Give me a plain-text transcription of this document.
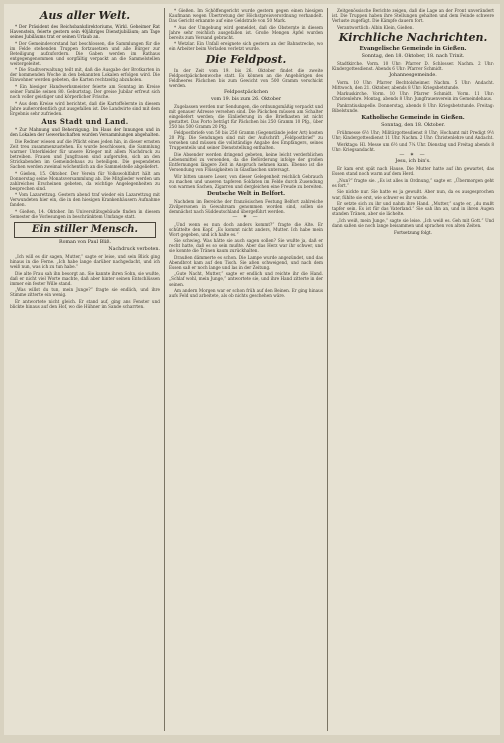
Aus aller Welt.

* Der Präsident des Reichsbankdirektoriums, Wirkl. Geheimer Rat Havenstein, feierte gestern sein 40jähriges Dienstjubiläum; am Tage seines Jubiläums trat er seinen Urlaub an.

* Der Gemeindevorstand hat beschlossen, die Sammlungen für die im Felde stehenden Truppen fortzusetzen und alle Bürger zur Beteiligung aufzufordern. Die Gaben werden im Rathaus entgegengenommen und sorgfältig verpackt an die Sammelstellen weitergeleitet.

* Die Stadtverwaltung teilt mit, daß die Ausgabe der Brotkarten in der kommenden Woche in den bekannten Lokalen erfolgen wird. Die Einwohner werden gebeten, die Karten rechtzeitig abzuholen.

* Ein hiesiger Handwerksmeister feierte am Sonntag im Kreise seiner Familie seinen 80. Geburtstag. Der greise Jubilar erfreut sich noch voller geistiger und körperlicher Frische.

* Aus dem Kreise wird berichtet, daß die Kartoffelernte in diesem Jahre außerordentlich gut ausgefallen ist. Die Landwirte sind mit dem Ergebnis sehr zufrieden.

Aus Stadt und Land.

* Zur Mahnung und Beherzigung. Im Haus der Innungen und in den Lokalen der Gewerkschaften wurden Versammlungen abgehalten.

Die Redner wiesen auf die Pflicht eines jeden hin, in dieser ernsten Zeit treu zusammenzustehen. Es wurde beschlossen, die Sammlung warmer Unterkleider für unsere Krieger mit allem Nachdruck zu betreiben. Frauen und Jungfrauen sind aufgerufen, sich an den Strickabenden im Gemeindehaus zu beteiligen. Die gespendeten Sachen werden zweimal wöchentlich an die Sammelstelle abgeliefert.

* Gießen, 15. Oktober. Der Verein für Volkswohlfahrt hält am Donnerstag seine Monatsversammlung ab. Die Mitglieder werden um zahlreiches Erscheinen gebeten, da wichtige Angelegenheiten zu besprechen sind.

* Vom Lazarettzug. Gestern abend traf wieder ein Lazarettzug mit Verwundeten hier ein, die in den hiesigen Krankenhäusern Aufnahme fanden.

* Gießen, 14. Oktober. Im Universitätsgebäude finden in diesem Semester die Vorlesungen in beschränktem Umfange statt.

Ein stiller Mensch.
Roman von Paul Bliß.
Nachdruck verboten.

„Ich will es dir sagen, Mutter,“ sagte er leise, und sein Blick ging hinaus in die Ferne. „Ich habe lange darüber nachgedacht, und ich weiß nun, was ich zu tun habe.“

Die alte Frau sah ihn besorgt an. Sie kannte ihren Sohn, sie wußte, daß er nicht viel Worte machte, daß aber hinter seinen Entschlüssen immer ein fester Wille stand.

„Was willst du tun, mein Junge?“ fragte sie endlich, und ihre Stimme zitterte ein wenig.

Er antwortete nicht gleich. Er stand auf, ging ans Fenster und blickte hinaus auf den Hof, wo die Hühner im Sande scharrten.

* Gießen. Im Schöffengericht wurde gestern gegen einen hiesigen Kaufmann wegen Übertretung der Höchstpreisverordnung verhandelt. Das Gericht erkannte auf eine Geldstrafe von 50 Mark.

* Aus der Umgebung wird gemeldet, daß die Obsternte in diesem Jahre sehr reichlich ausgefallen ist. Große Mengen Äpfel wurden bereits zum Versand gebracht.

* Wetzlar. Ein Unfall ereignete sich gestern an der Bahnstrecke, wo ein Arbeiter beim Verladen verletzt wurde.

Die Feldpost.

In der Zeit vom 19. bis 26. Oktober findet die zweite Feldpostpäckchenwoche statt. Es können an die Angehörigen des Feldheeres Päckchen bis zum Gewicht von 500 Gramm verschickt werden.

Feldpostpäckchen
vom 19. bis zum 26. Oktober

Zugelassen werden nur Sendungen, die ordnungsmäßig verpackt und mit genauer Adresse versehen sind. Die Päckchen müssen am Schalter eingeliefert werden; die Einlieferung in die Briefkasten ist nicht gestattet. Das Porto beträgt für Päckchen bis 250 Gramm 10 Pfg., über 250 bis 500 Gramm 20 Pfg.

Feldpostbriefe von 50 bis 250 Gramm (Gegenstände jeder Art) kosten 20 Pfg. Die Sendungen sind mit der Aufschrift „Feldpostbrief“ zu versehen und müssen die vollständige Angabe des Empfängers, seines Truppenteils und seiner Dienststellung enthalten.

Die Absender werden dringend gebeten, keine leicht verderblichen Lebensmittel zu versenden, da die Beförderung infolge der großen Entfernungen längere Zeit in Anspruch nehmen kann. Ebenso ist die Versendung von Flüssigkeiten in Glasflaschen untersagt.

Wir bitten unsere Leser, von dieser Gelegenheit reichlich Gebrauch zu machen und unseren tapferen Soldaten im Felde durch Zusendung von warmen Sachen, Zigarren und dergleichen eine Freude zu bereiten.

Deutsche Welt in Belfort.

Nachdem im Bereiche der französischen Festung Belfort zahlreiche Zivilpersonen in Gewahrsam genommen worden sind, sollen sie demnächst nach Süddeutschland übergeführt werden.

— ✶ —

„Und wenn es nun doch anders kommt?“ fragte die Alte. Er schüttelte den Kopf. „Es kommt nicht anders, Mutter. Ich habe mein Wort gegeben, und ich halte es.“

Sie schwieg. Was hätte sie auch sagen sollen? Sie wußte ja, daß er recht hatte, daß es so sein mußte. Aber das Herz war ihr schwer, und sie konnte die Tränen kaum zurückhalten.

Draußen dämmerte es schon. Die Lampe wurde angezündet, und das Abendbrot kam auf den Tisch. Sie aßen schweigend, und nach dem Essen saß er noch lange und las in der Zeitung.

„Gute Nacht, Mutter,“ sagte er endlich und reichte ihr die Hand. „Schlaf wohl, mein Junge,“ antwortete sie, und ihre Hand zitterte in der seinen.

Am andern Morgen war er schon früh auf den Beinen. Er ging hinaus aufs Feld und arbeitete, als ob nichts geschehen wäre.

Zeitgenössische Berichte zeigen, daß die Lage an der Front unverändert ist. Die Truppen haben ihre Stellungen gehalten und dem Feinde schwere Verluste zugefügt. Die Kämpfe dauern fort.

Verantwortlich: Albin Klein, Gießen.

Kirchliche Nachrichten.
Evangelische Gemeinde in Gießen.
Sonntag, den 18. Oktober, 18. nach Trinit.

Stadtkirche. Vorm. 10 Uhr: Pfarrer D. Schlosser. Nachm. 2 Uhr: Kindergottesdienst. Abends 6 Uhr: Pfarrer Schmidt.

Johannesgemeinde.

Vorm. 10 Uhr: Pfarrer Bechtolsheimer. Nachm. 5 Uhr: Andacht. Mittwoch, den 21. Oktober, abends 8 Uhr: Kriegsbetstunde.

Markuskirche. Vorm. 10 Uhr: Pfarrer Schmidt. Vorm. 11 Uhr: Christenlehre. Montag, abends 8 Uhr: Jungfrauenverein im Gemeindehaus.

Pankratiuskapelle. Donnerstag, abends 8 Uhr: Kriegsbetstunde. Freitag: Bibelstunde.

Katholische Gemeinde in Gießen.
Sonntag, den 18. Oktober.

Frühmesse 6½ Uhr; Militärgottesdienst 8 Uhr; Hochamt mit Predigt 9½ Uhr; Kindergottesdienst 11 Uhr. Nachm. 2 Uhr: Christenlehre und Andacht.

Werktags: Hl. Messe um 6½ und 7¼ Uhr. Dienstag und Freitag abends 8 Uhr: Kriegsandacht.

— ✶ —
Jesu, ich bin's.

Er kam erst spät nach Hause. Die Mutter hatte auf ihn gewartet, das Essen stand noch warm auf dem Herd.

„Nun?“ fragte sie. „Es ist alles in Ordnung,“ sagte er. „Übermorgen geht es fort.“

Sie nickte nur. Sie hatte es ja gewußt. Aber nun, da es ausgesprochen war, fühlte sie erst, wie schwer es ihr wurde.

Er setzte sich zu ihr und nahm ihre Hand. „Mutter,“ sagte er, „du mußt tapfer sein. Es ist für das Vaterland.“ Sie sah ihn an, und in ihren Augen standen Tränen, aber sie lächelte.

„Ich weiß, mein Junge,“ sagte sie leise. „Ich weiß es. Geh mit Gott.“ Und dann saßen sie noch lange beisammen und sprachen von alten Zeiten.

Fortsetzung folgt.
